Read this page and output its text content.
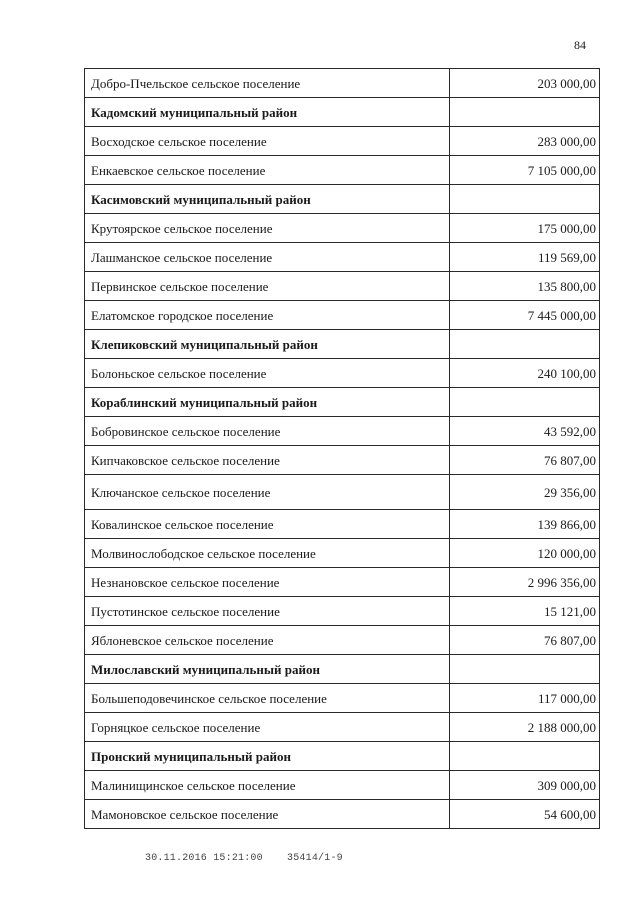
84
Добро-Пчельское сельское поселение	203 000,00
Кадомский муниципальный район	
Восходское сельское поселение	283 000,00
Енкаевское сельское поселение	7 105 000,00
Касимовский муниципальный район	
Крутоярское сельское поселение	175 000,00
Лашманское сельское поселение	119 569,00
Первинское сельское поселение	135 800,00
Елатомское городское поселение	7 445 000,00
Клепиковский муниципальный район	
Болоньское сельское поселение	240 100,00
Кораблинский муниципальный район	
Бобровинское сельское поселение	43 592,00
Кипчаковское сельское поселение	76 807,00
Ключанское сельское поселение	29 356,00
Ковалинское сельское поселение	139 866,00
Молвинослободское сельское поселение	120 000,00
Незнановское сельское поселение	2 996 356,00
Пустотинское сельское поселение	15 121,00
Яблоневское сельское поселение	76 807,00
Милославский муниципальный район	
Большеподовечинское сельское поселение	117 000,00
Горняцкое сельское поселение	2 188 000,00
Пронский муниципальный район	
Малинищинское сельское поселение	309 000,00
Мамоновское сельское поселение	54 600,00
30.11.2016 15:21:00 35414/1-9
